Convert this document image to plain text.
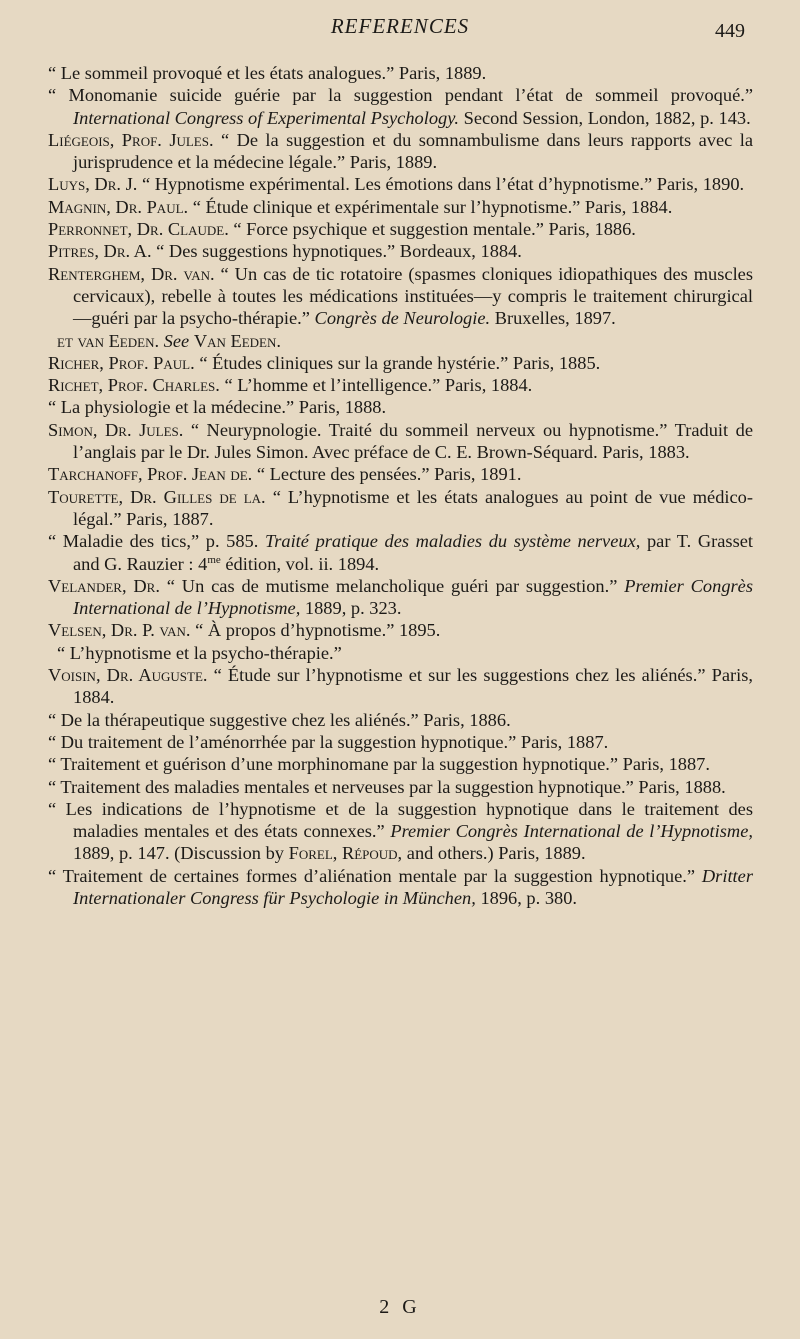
REFERENCES	449

“ Le sommeil provoqué et les états analogues.” Paris, 1889.

“ Monomanie suicide guérie par la suggestion pendant l’état de sommeil provoqué.” International Congress of Experimental Psychology. Second Session, London, 1882, p. 143.

Liégeois, Prof. Jules. “ De la suggestion et du somnambulisme dans leurs rapports avec la jurisprudence et la médecine légale.” Paris, 1889.

Luys, Dr. J. “ Hypnotisme expérimental. Les émotions dans l’état d’hypnotisme.” Paris, 1890.

Magnin, Dr. Paul. “ Étude clinique et expérimentale sur l’hypnotisme.” Paris, 1884.

Perronnet, Dr. Claude. “ Force psychique et suggestion mentale.” Paris, 1886.

Pitres, Dr. A. “ Des suggestions hypnotiques.” Bordeaux, 1884.

Renterghem, Dr. van. “ Un cas de tic rotatoire (spasmes cloniques idiopathiques des muscles cervicaux), rebelle à toutes les médications instituées—y compris le traitement chirurgical—guéri par la psycho-thérapie.” Congrès de Neurologie. Bruxelles, 1897.

et van Eeden. See Van Eeden.

Richer, Prof. Paul. “ Études cliniques sur la grande hystérie.” Paris, 1885.

Richet, Prof. Charles. “ L’homme et l’intelligence.” Paris, 1884.

“ La physiologie et la médecine.” Paris, 1888.

Simon, Dr. Jules. “ Neurypnologie. Traité du sommeil nerveux ou hypnotisme.” Traduit de l’anglais par le Dr. Jules Simon. Avec préface de C. E. Brown-Séquard. Paris, 1883.

Tarchanoff, Prof. Jean de. “ Lecture des pensées.” Paris, 1891.

Tourette, Dr. Gilles de la. “ L’hypnotisme et les états analogues au point de vue médico-légal.” Paris, 1887.

“ Maladie des tics,” p. 585. Traité pratique des maladies du système nerveux, par T. Grasset and G. Rauzier : $4^{me}$ édition, vol. ii. 1894.

Velander, Dr. “ Un cas de mutisme melancholique guéri par suggestion.” Premier Congrès International de l’Hypnotisme, 1889, p. 323.

Velsen, Dr. P. van. “ À propos d’hypnotisme.” 1895.

“ L’hypnotisme et la psycho-thérapie.”

Voisin, Dr. Auguste. “ Étude sur l’hypnotisme et sur les suggestions chez les aliénés.” Paris, 1884.

“ De la thérapeutique suggestive chez les aliénés.” Paris, 1886.

“ Du traitement de l’aménorrhée par la suggestion hypnotique.” Paris, 1887.

“ Traitement et guérison d’une morphinomane par la suggestion hypnotique.” Paris, 1887.

“ Traitement des maladies mentales et nerveuses par la suggestion hypnotique.” Paris, 1888.

“ Les indications de l’hypnotisme et de la suggestion hypnotique dans le traitement des maladies mentales et des états connexes.” Premier Congrès International de l’Hypnotisme, 1889, p. 147. (Discussion by Forel, Répoud, and others.) Paris, 1889.

“ Traitement de certaines formes d’aliénation mentale par la suggestion hypnotique.” Dritter Internationaler Congress für Psychologie in München, 1896, p. 380.

2 G
